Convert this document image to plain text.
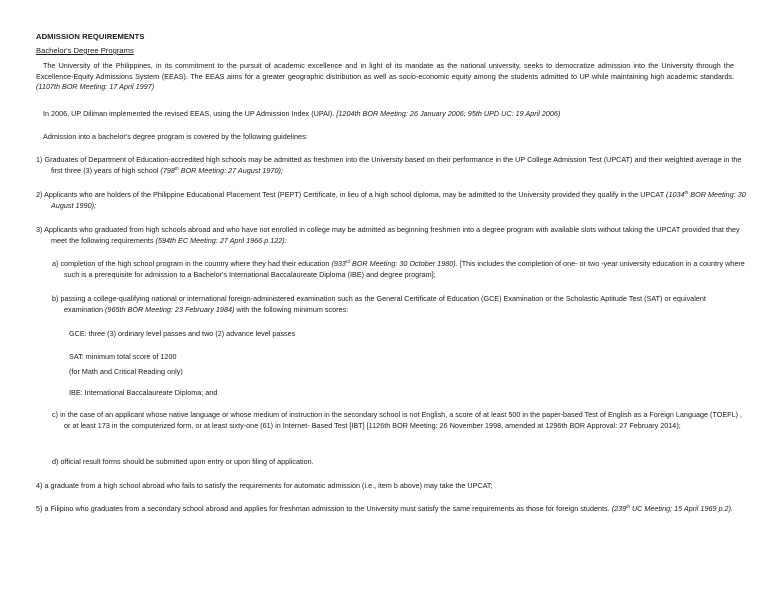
ADMISSION REQUIREMENTS
Bachelor's Degree Programs
The University of the Philippines, in its commitment to the pursuit of academic excellence and in light of its mandate as the national university, seeks to democratize admission into the University through the Excellence-Equity Admissions System (EEAS). The EEAS aims for a greater geographic distribution as well as socio-economic equity among the students admitted to UP while maintaining high academic standards. (1107th BOR Meeting: 17 April 1997)
In 2006, UP Diliman implemented the revised EEAS, using the UP Admission Index (UPAI). [1204th BOR Meeting: 26 January 2006; 95th UPD UC: 19 April 2006)
Admission into a bachelor's degree program is covered by the following guidelines:
1) Graduates of Department of Education-accredited high schools may be admitted as freshmen into the University based on their performance in the UP College Admission Test (UPCAT) and their weighted average in the first three (3) years of high school (798th BOR Meeting: 27 August 1970);
2) Applicants who are holders of the Philippine Educational Placement Test (PEPT) Certificate, in lieu of a high school diploma, may be admitted to the University provided they qualify in the UPCAT (1034th BOR Meeting: 30 August 1990);
3) Applicants who graduated from high schools abroad and who have not enrolled in college may be admitted as beginning freshmen into a degree program with available slots without taking the UPCAT provided that they meet the following requirements (594th EC Meeting: 27 April 1966 p.122):
a) completion of the high school program in the country where they had their education (933rd BOR Meeting: 30 October 1980). [This includes the completion of one- or two -year university education in a country where such is a prerequisite for admission to a Bachelor's International Baccalaureate Diploma (IBE) and degree program];
b) passing a college-qualifying national or international foreign-administered examination such as the General Certificate of Education (GCE) Examination or the Scholastic Aptitude Test (SAT) or equivalent examination (965th BOR Meeting: 23 February 1984) with the following minimum scores:
GCE: three (3) ordinary level passes and two (2) advance level passes
SAT: minimum total score of 1200
(for Math and Critical Reading only)
IBE: International Baccalaureate Diploma; and
c) in the case of an applicant whose native language or whose medium of instruction in the secondary school is not English, a score of at least 500 in the paper-based Test of English as a Foreign Language (TOEFL) , or at least 173 in the computerized form, or at least sixty-one (61) in Internet- Based Test [IBT] [1126th BOR Meeting: 26 November 1998, amended at 1296th BOR Approval: 27 February 2014);
d) official result forms should be submitted upon entry or upon filing of application.
4) a graduate from a high school abroad who fails to satisfy the requirements for automatic admission (i.e., item b above) may take the UPCAT;
5) a Filipino who graduates from a secondary school abroad and applies for freshman admission to the University must satisfy the same requirements as those for foreign students. (239th UC Meeting; 15 April 1969 p.2).
